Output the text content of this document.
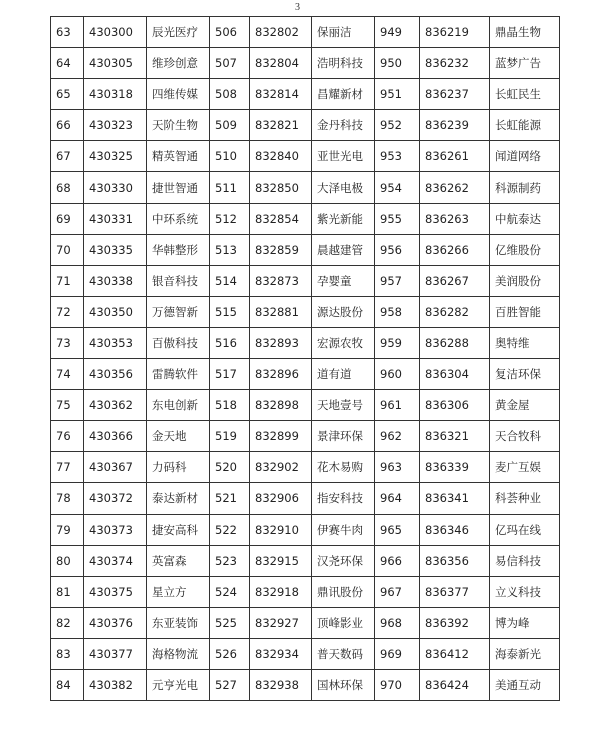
3
63	430300	辰光医疗	506	832802	保丽洁	949	836219	鼎晶生物
64	430305	维珍创意	507	832804	浩明科技	950	836232	蓝梦广告
65	430318	四维传媒	508	832814	昌耀新材	951	836237	长虹民生
66	430323	天阶生物	509	832821	金丹科技	952	836239	长虹能源
67	430325	精英智通	510	832840	亚世光电	953	836261	闻道网络
68	430330	捷世智通	511	832850	大泽电极	954	836262	科源制药
69	430331	中环系统	512	832854	紫光新能	955	836263	中航泰达
70	430335	华韩整形	513	832859	晨越建管	956	836266	亿维股份
71	430338	银音科技	514	832873	孕婴童	957	836267	美润股份
72	430350	万德智新	515	832881	源达股份	958	836282	百胜智能
73	430353	百傲科技	516	832893	宏源农牧	959	836288	奥特维
74	430356	雷腾软件	517	832896	道有道	960	836304	复洁环保
75	430362	东电创新	518	832898	天地壹号	961	836306	黄金屋
76	430366	金天地	519	832899	景津环保	962	836321	天合牧科
77	430367	力码科	520	832902	花木易购	963	836339	麦广互娱
78	430372	泰达新材	521	832906	指安科技	964	836341	科荟种业
79	430373	捷安高科	522	832910	伊赛牛肉	965	836346	亿玛在线
80	430374	英富森	523	832915	汉尧环保	966	836356	易信科技
81	430375	星立方	524	832918	鼎讯股份	967	836377	立义科技
82	430376	东亚装饰	525	832927	顶峰影业	968	836392	博为峰
83	430377	海格物流	526	832934	普天数码	969	836412	海泰新光
84	430382	元亨光电	527	832938	国林环保	970	836424	美通互动
